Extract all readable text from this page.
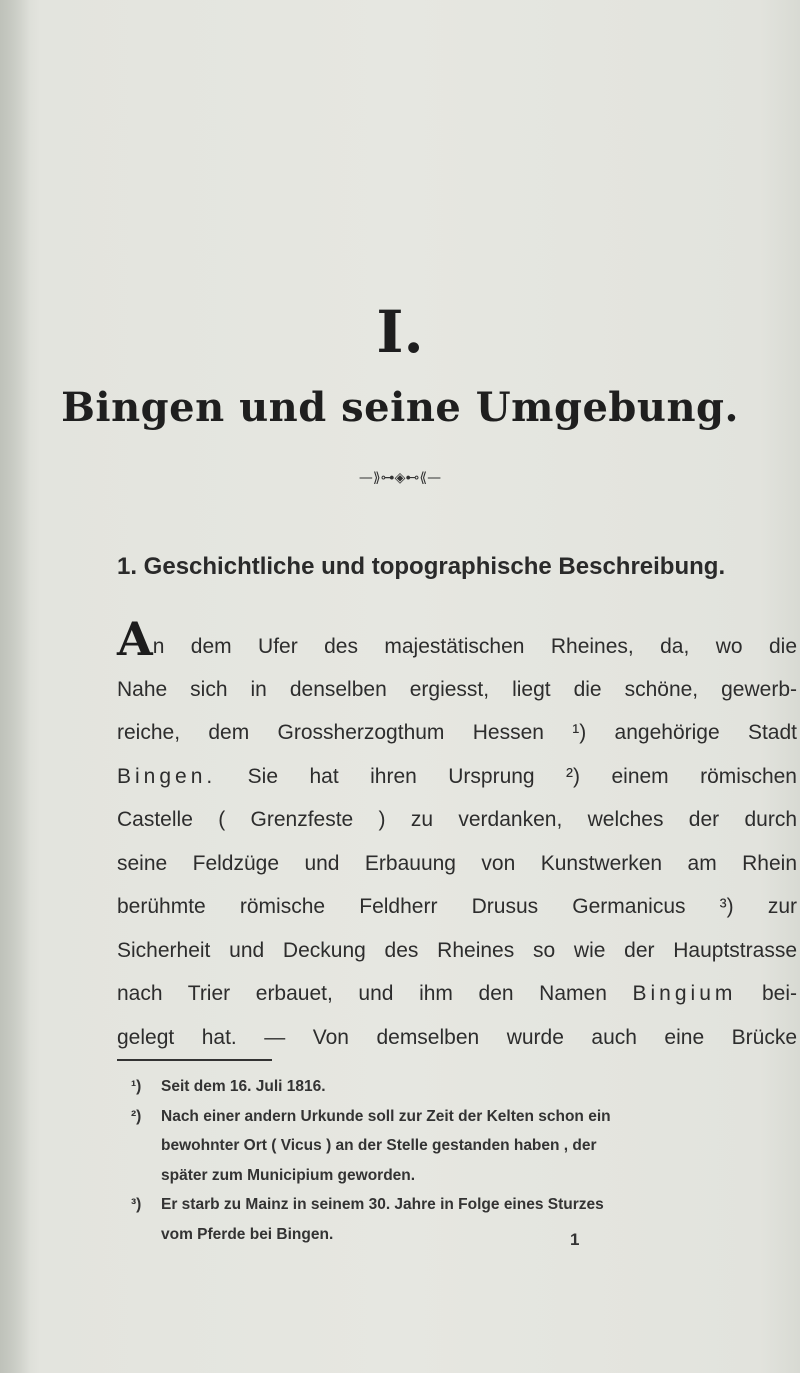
I.
Bingen und seine Umgebung.
—⟫⊶◈⊷⟪—
1. Geschichtliche und topographische Beschreibung.
An dem Ufer des majestätischen Rheines, da, wo die
Nahe sich in denselben ergiesst, liegt die schöne, gewerb-
reiche, dem Grossherzogthum Hessen ¹) angehörige Stadt
Bingen. Sie hat ihren Ursprung ²) einem römischen
Castelle ( Grenzfeste ) zu verdanken, welches der durch
seine Feldzüge und Erbauung von Kunstwerken am Rhein
berühmte römische Feldherr Drusus Germanicus ³) zur
Sicherheit und Deckung des Rheines so wie der Hauptstrasse
nach Trier erbauet, und ihm den Namen Bingium bei-
gelegt hat. — Von demselben wurde auch eine Brücke
¹) Seit dem 16. Juli 1816.
²) Nach einer andern Urkunde soll zur Zeit der Kelten schon ein
bewohnter Ort ( Vicus ) an der Stelle gestanden haben , der
später zum Municipium geworden.
³) Er starb zu Mainz in seinem 30. Jahre in Folge eines Sturzes
vom Pferde bei Bingen.	1
